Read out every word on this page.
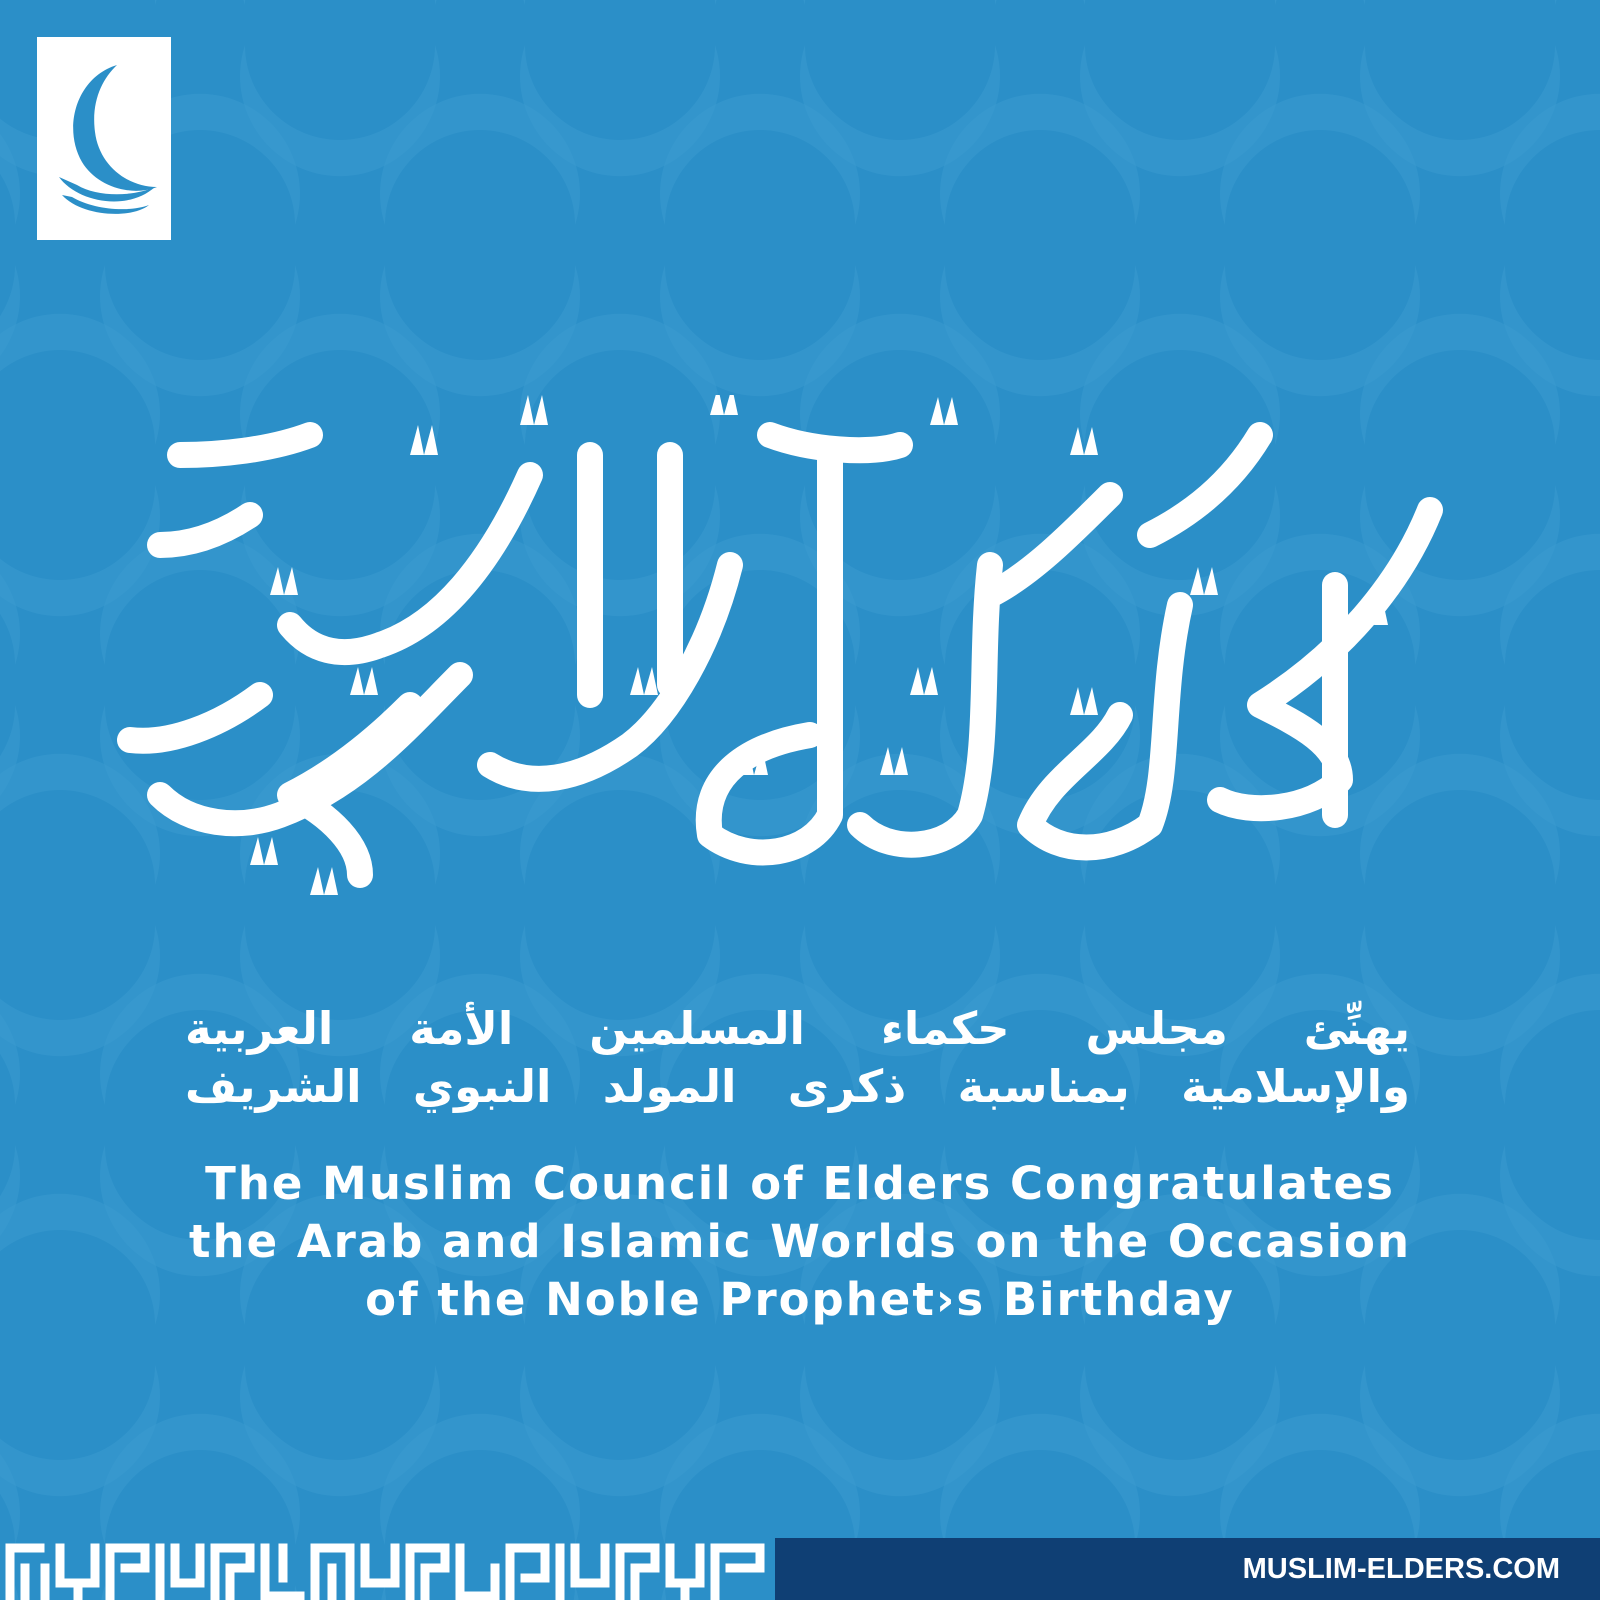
يهنِّئ مجلس حكماء المسلمين الأمة العربية
والإسلامية بمناسبة ذكرى المولد النبوي الشريف
The Muslim Council of Elders Congratulates
the Arab and Islamic Worlds on the Occasion
of the Noble Prophet›s Birthday
MUSLIM-ELDERS.COM
